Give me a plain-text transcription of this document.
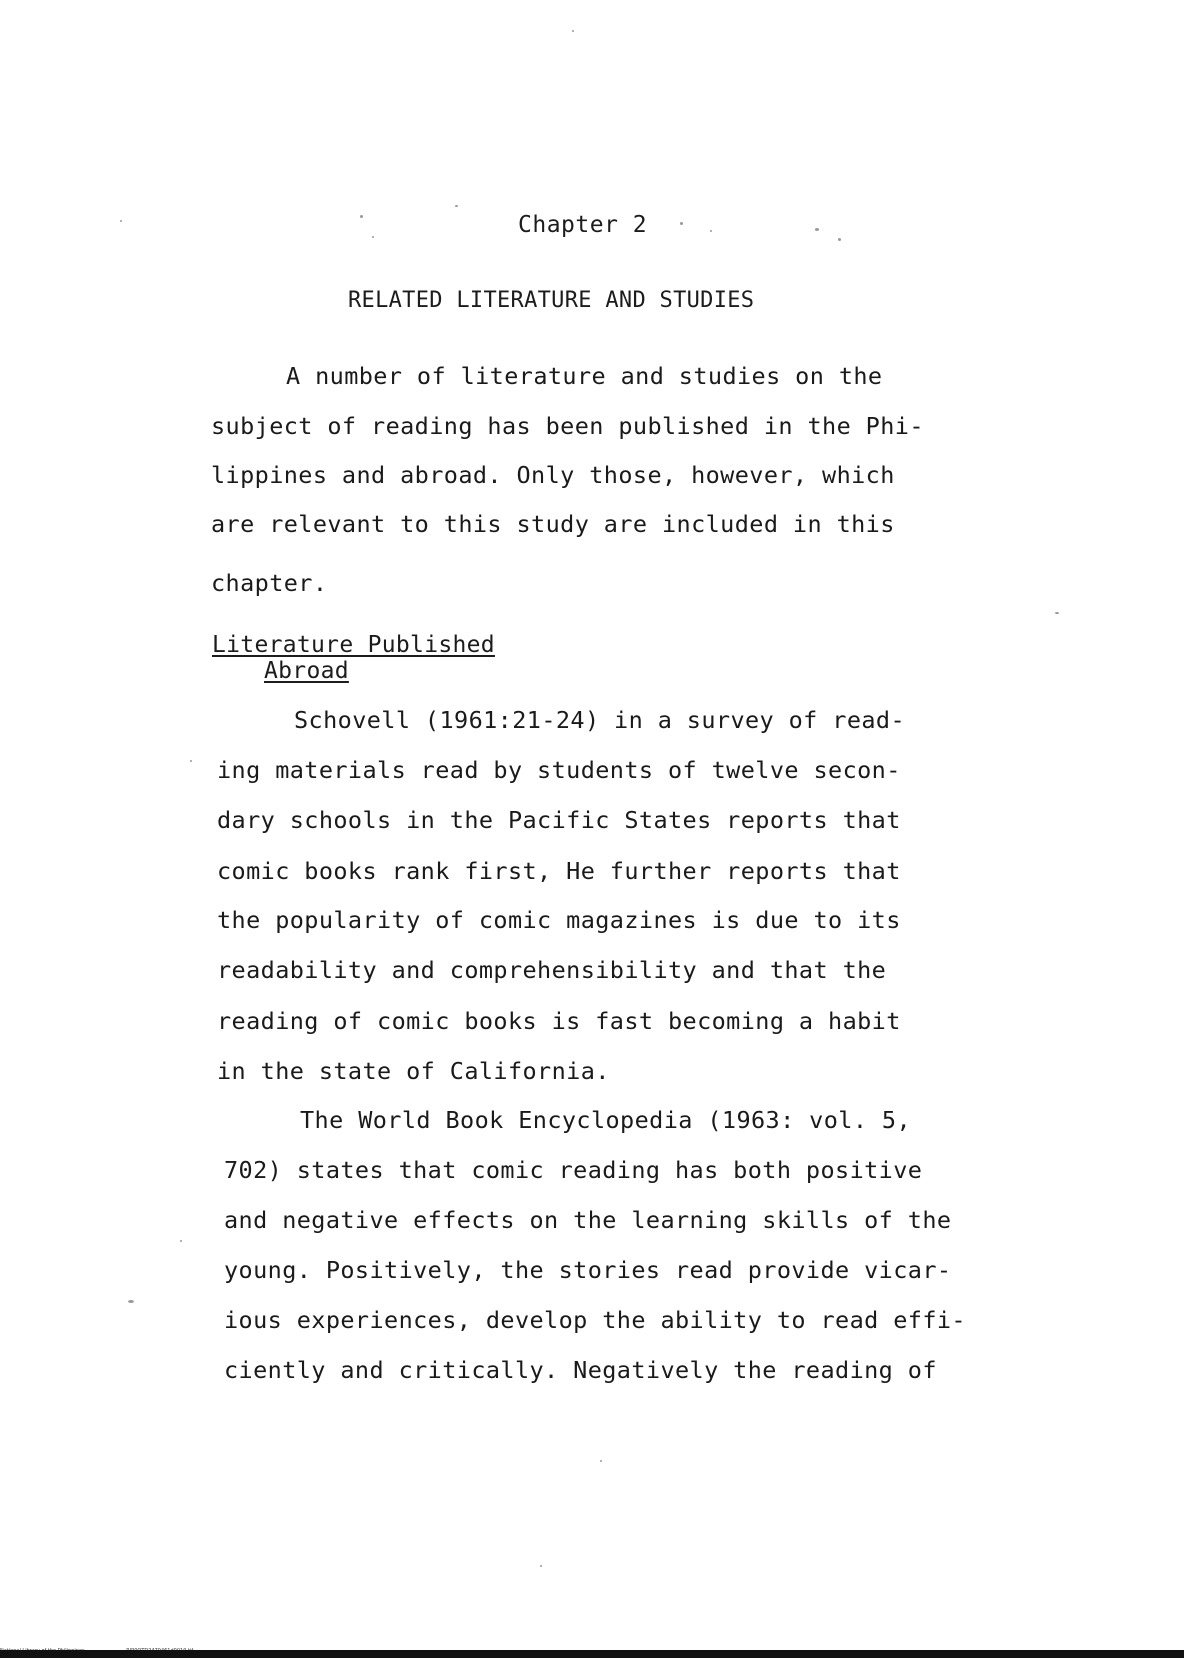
Chapter 2
RELATED LITERATURE AND STUDIES
A number of literature and studies on the
subject of reading has been published in the Phi-
lippines and abroad. Only those, however, which
are relevant to this study are included in this
chapter.
Literature Published
Abroad
Schovell (1961:21-24) in a survey of read-
ing materials read by students of twelve secon-
dary schools in the Pacific States reports that
comic books rank first, He further reports that
the popularity of comic magazines is due to its
readability and comprehensibility and that the
reading of comic books is fast becoming a habit
in the state of California.
The World Book Encyclopedia (1963: vol. 5,
702) states that comic reading has both positive
and negative effects on the learning skills of the
young. Positively, the stories read provide vicar-
ious experiences, develop the ability to read effi-
ciently and critically. Negatively the reading of
